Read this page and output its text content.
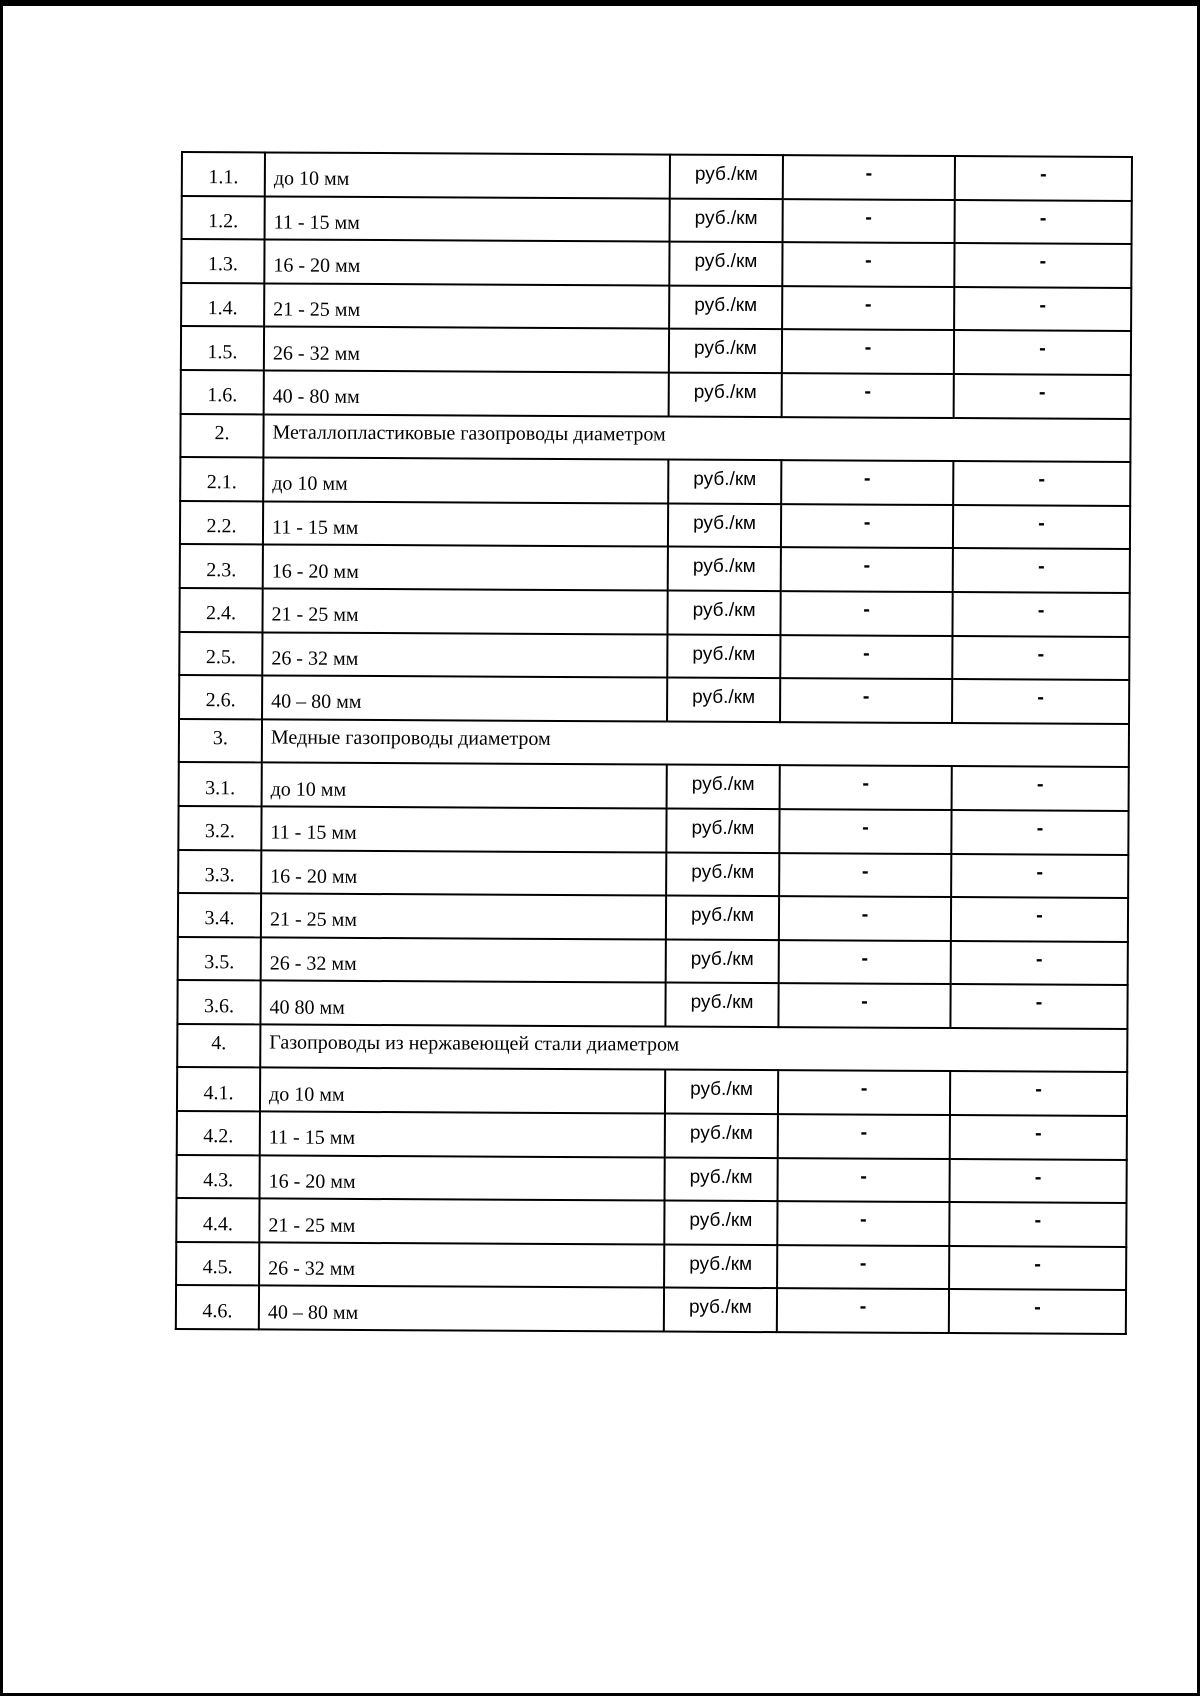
1.1.	до 10 мм	руб./км	-	-
1.2.	11 - 15 мм	руб./км	-	-
1.3.	16 - 20 мм	руб./км	-	-
1.4.	21 - 25 мм	руб./км	-	-
1.5.	26 - 32 мм	руб./км	-	-
1.6.	40 - 80 мм	руб./км	-	-
2.	Металлопластиковые газопроводы диаметром			
2.1.	до 10 мм	руб./км	-	-
2.2.	11 - 15 мм	руб./км	-	-
2.3.	16 - 20 мм	руб./км	-	-
2.4.	21 - 25 мм	руб./км	-	-
2.5.	26 - 32 мм	руб./км	-	-
2.6.	40 – 80 мм	руб./км	-	-
3.	Медные газопроводы диаметром			
3.1.	до 10 мм	руб./км	-	-
3.2.	11 - 15 мм	руб./км	-	-
3.3.	16 - 20 мм	руб./км	-	-
3.4.	21 - 25 мм	руб./км	-	-
3.5.	26 - 32 мм	руб./км	-	-
3.6.	40 80 мм	руб./км	-	-
4.	Газопроводы из нержавеющей стали диаметром			
4.1.	до 10 мм	руб./км	-	-
4.2.	11 - 15 мм	руб./км	-	-
4.3.	16 - 20 мм	руб./км	-	-
4.4.	21 - 25 мм	руб./км	-	-
4.5.	26 - 32 мм	руб./км	-	-
4.6.	40 – 80 мм	руб./км	-	-
